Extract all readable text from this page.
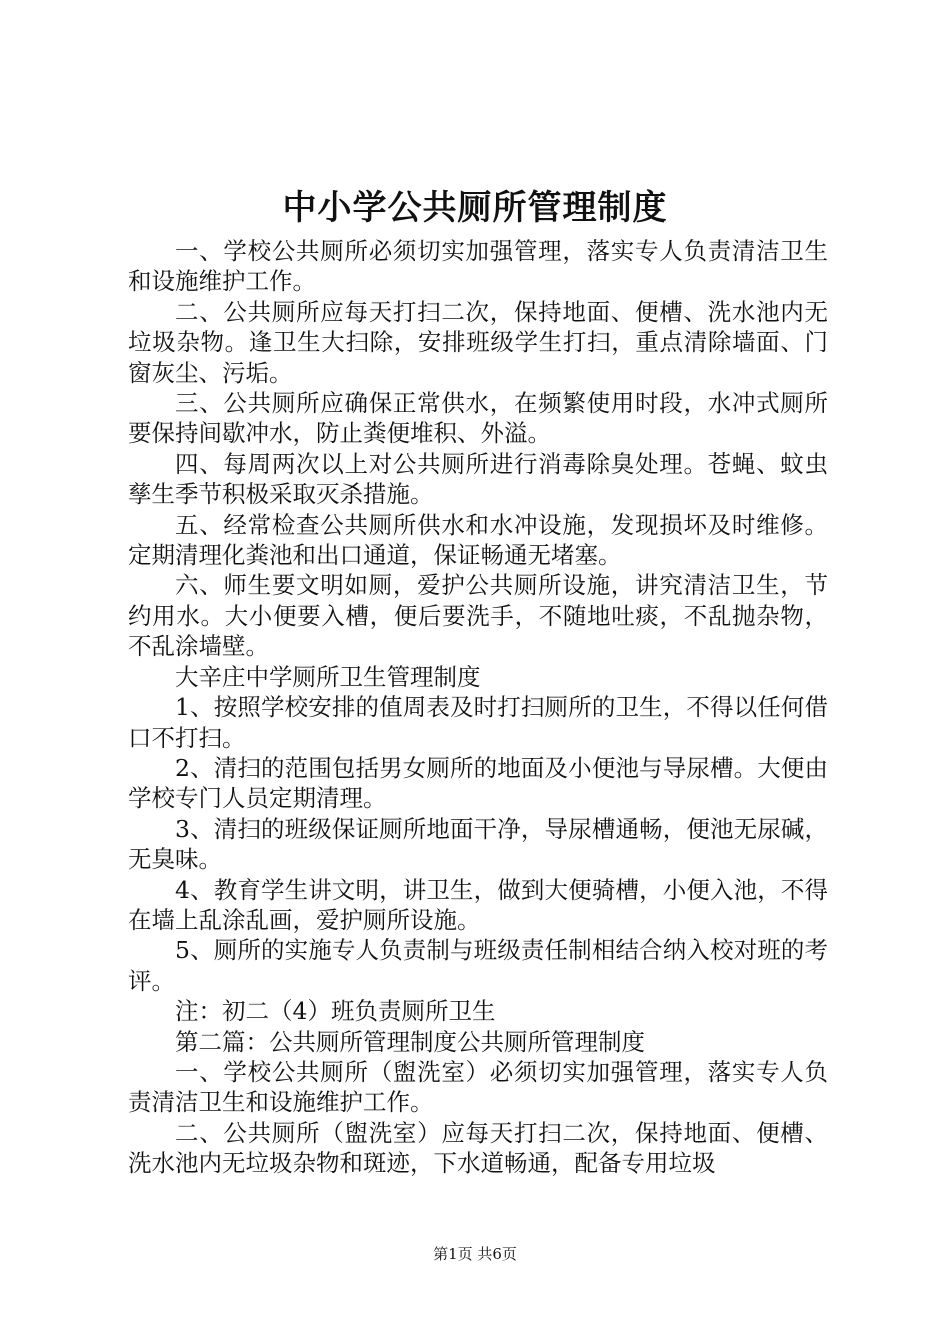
中小学公共厕所管理制度

一、学校公共厕所必须切实加强管理，落实专人负责清洁卫生和设施维护工作。

二、公共厕所应每天打扫二次，保持地面、便槽、洗水池内无垃圾杂物。逢卫生大扫除，安排班级学生打扫，重点清除墙面、门窗灰尘、污垢。

三、公共厕所应确保正常供水，在频繁使用时段，水冲式厕所要保持间歇冲水，防止粪便堆积、外溢。

四、每周两次以上对公共厕所进行消毒除臭处理。苍蝇、蚊虫孳生季节积极采取灭杀措施。

五、经常检查公共厕所供水和水冲设施，发现损坏及时维修。定期清理化粪池和出口通道，保证畅通无堵塞。

六、师生要文明如厕，爱护公共厕所设施，讲究清洁卫生，节约用水。大小便要入槽，便后要洗手，不随地吐痰，不乱抛杂物，不乱涂墙壁。

大辛庄中学厕所卫生管理制度

1、按照学校安排的值周表及时打扫厕所的卫生，不得以任何借口不打扫。

2、清扫的范围包括男女厕所的地面及小便池与导尿槽。大便由学校专门人员定期清理。

3、清扫的班级保证厕所地面干净，导尿槽通畅，便池无尿碱，无臭味。

4、教育学生讲文明，讲卫生，做到大便骑槽，小便入池，不得在墙上乱涂乱画，爱护厕所设施。

5、厕所的实施专人负责制与班级责任制相结合纳入校对班的考评。

注：初二（4）班负责厕所卫生

第二篇：公共厕所管理制度公共厕所管理制度

一、学校公共厕所（盥洗室）必须切实加强管理，落实专人负责清洁卫生和设施维护工作。

二、公共厕所（盥洗室）应每天打扫二次，保持地面、便槽、洗水池内无垃圾杂物和斑迹，下水道畅通，配备专用垃圾

第1页 共6页
